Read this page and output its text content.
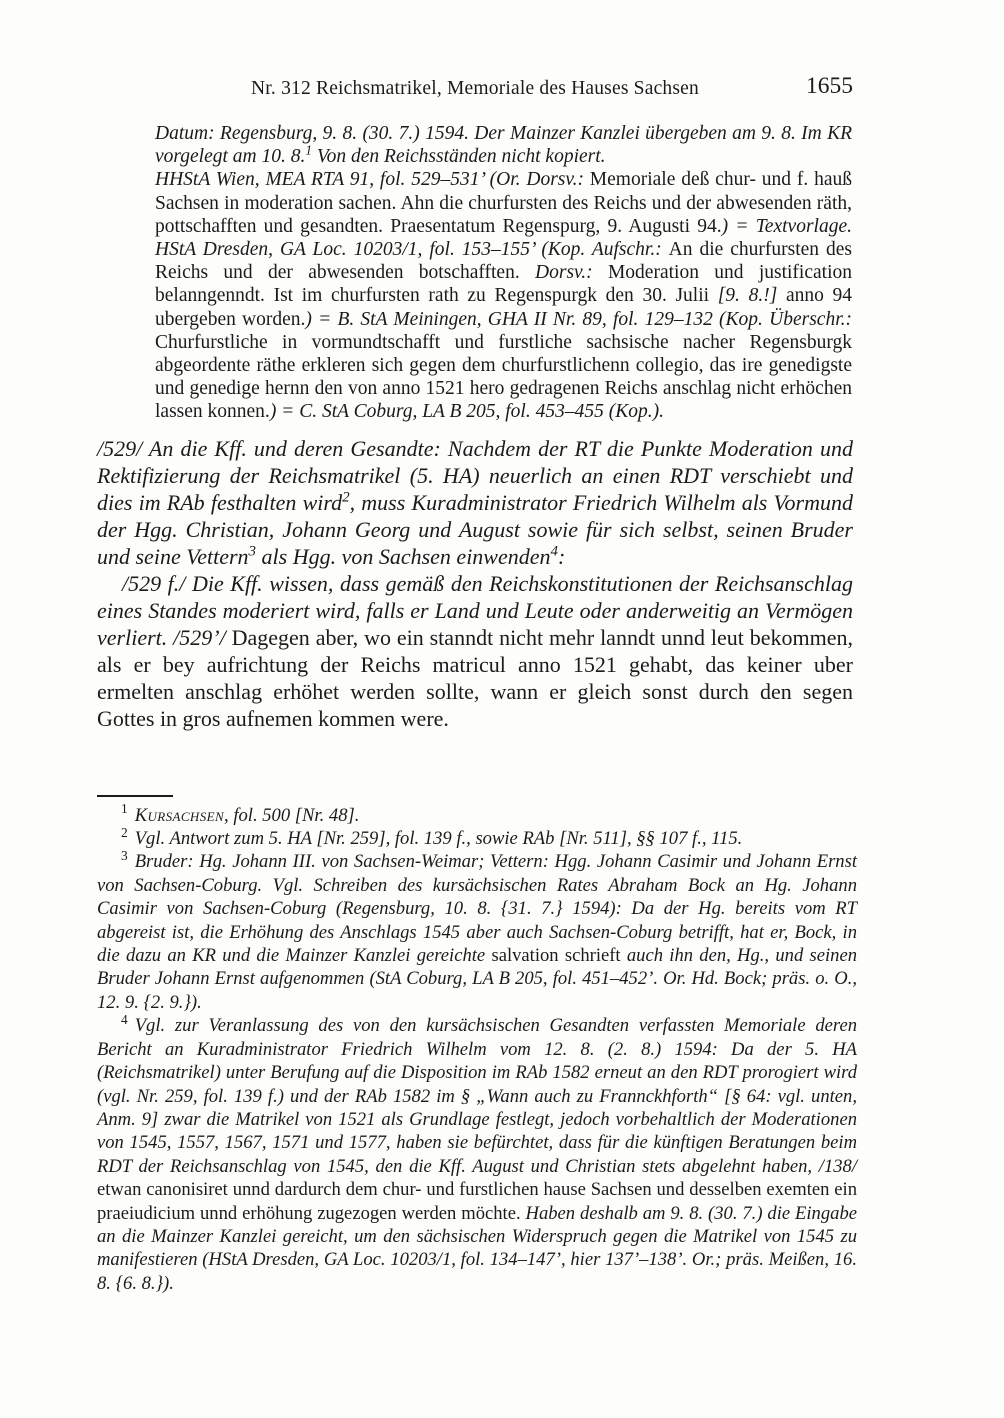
Nr. 312 Reichsmatrikel, Memoriale des Hauses Sachsen	1655

Datum: Regensburg, 9. 8. (30. 7.) 1594. Der Mainzer Kanzlei übergeben am 9. 8. Im KR vorgelegt am 10. 8.$^1$ Von den Reichsständen nicht kopiert.

HHStA Wien, MEA RTA 91, fol. 529–531’ (Or. Dorsv.: Memoriale deß chur- und f. hauß Sachsen in moderation sachen. Ahn die churfursten des Reichs und der abwesenden räth, pottschafften und gesandten. Praesentatum Regenspurg, 9. Augusti 94.) = Textvorlage. HStA Dresden, GA Loc. 10203/1, fol. 153–155’ (Kop. Aufschr.: An die churfursten des Reichs und der abwesenden botschafften. Dorsv.: Moderation und justification belanngenndt. Ist im churfursten rath zu Regenspurgk den 30. Julii [9. 8.!] anno 94 ubergeben worden.) = B. StA Meiningen, GHA II Nr. 89, fol. 129–132 (Kop. Überschr.: Churfurstliche in vormundtschafft und furstliche sachsische nacher Regensburgk abgeordente räthe erkleren sich gegen dem churfurstlichenn collegio, das ire genedigste und genedige hernn den von anno 1521 hero gedragenen Reichs anschlag nicht erhöchen lassen konnen.) = C. StA Coburg, LA B 205, fol. 453–455 (Kop.).

/529/ An die Kff. und deren Gesandte: Nachdem der RT die Punkte Moderation und Rektifizierung der Reichsmatrikel (5. HA) neuerlich an einen RDT verschiebt und dies im RAb festhalten wird$^2$, muss Kuradministrator Friedrich Wilhelm als Vormund der Hgg. Christian, Johann Georg und August sowie für sich selbst, seinen Bruder und seine Vettern$^3$ als Hgg. von Sachsen einwenden$^4$:

/529 f./ Die Kff. wissen, dass gemäß den Reichskonstitutionen der Reichsanschlag eines Standes moderiert wird, falls er Land und Leute oder anderweitig an Vermögen verliert. /529’/ Dagegen aber, wo ein stanndt nicht mehr lanndt unnd leut bekommen, als er bey aufrichtung der Reichs matricul anno 1521 gehabt, das keiner uber ermelten anschlag erhöhet werden sollte, wann er gleich sonst durch den segen Gottes in gros aufnemen kommen were.

$^1$ Kursachsen, fol. 500 [Nr. 48].

$^2$ Vgl. Antwort zum 5. HA [Nr. 259], fol. 139 f., sowie RAb [Nr. 511], §§ 107 f., 115.

$^3$ Bruder: Hg. Johann III. von Sachsen-Weimar; Vettern: Hgg. Johann Casimir und Johann Ernst von Sachsen-Coburg. Vgl. Schreiben des kursächsischen Rates Abraham Bock an Hg. Johann Casimir von Sachsen-Coburg (Regensburg, 10. 8. {31. 7.} 1594): Da der Hg. bereits vom RT abgereist ist, die Erhöhung des Anschlags 1545 aber auch Sachsen-Coburg betrifft, hat er, Bock, in die dazu an KR und die Mainzer Kanzlei gereichte salvation schrieft auch ihn den, Hg., und seinen Bruder Johann Ernst aufgenommen (StA Coburg, LA B 205, fol. 451–452’. Or. Hd. Bock; präs. o. O., 12. 9. {2. 9.}).

$^4$ Vgl. zur Veranlassung des von den kursächsischen Gesandten verfassten Memoriale deren Bericht an Kuradministrator Friedrich Wilhelm vom 12. 8. (2. 8.) 1594: Da der 5. HA (Reichsmatrikel) unter Berufung auf die Disposition im RAb 1582 erneut an den RDT prorogiert wird (vgl. Nr. 259, fol. 139 f.) und der RAb 1582 im § „Wann auch zu Frannckhforth“ [§ 64: vgl. unten, Anm. 9] zwar die Matrikel von 1521 als Grundlage festlegt, jedoch vorbehaltlich der Moderationen von 1545, 1557, 1567, 1571 und 1577, haben sie befürchtet, dass für die künftigen Beratungen beim RDT der Reichsanschlag von 1545, den die Kff. August und Christian stets abgelehnt haben, /138/ etwan canonisiret unnd dardurch dem chur- und furstlichen hause Sachsen und desselben exemten ein praeiudicium unnd erhöhung zugezogen werden möchte. Haben deshalb am 9. 8. (30. 7.) die Eingabe an die Mainzer Kanzlei gereicht, um den sächsischen Widerspruch gegen die Matrikel von 1545 zu manifestieren (HStA Dresden, GA Loc. 10203/1, fol. 134–147’, hier 137’–138’. Or.; präs. Meißen, 16. 8. {6. 8.}).
